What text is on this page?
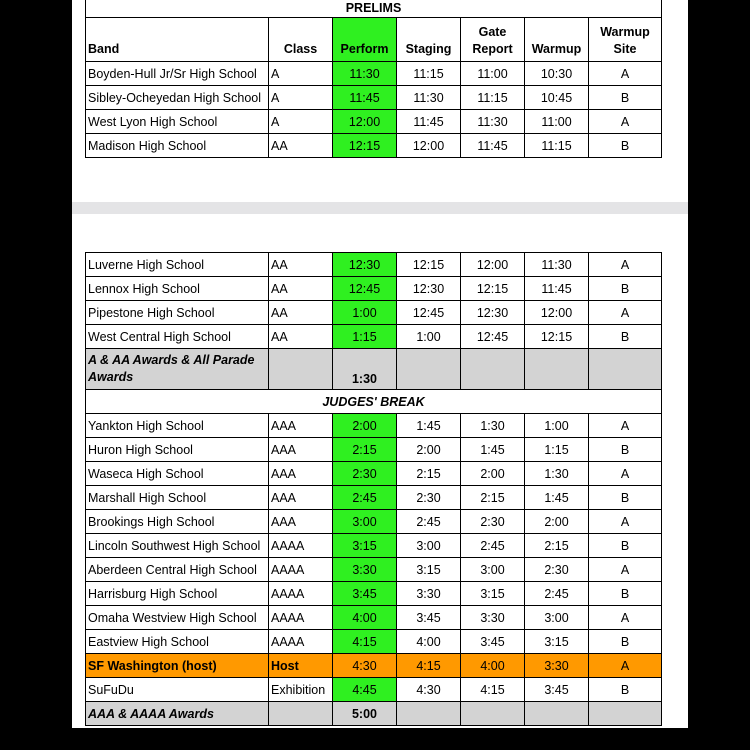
PRELIMS						
Band	Class	Perform	Staging	Gate Report	Warmup	Warmup Site
Boyden-Hull Jr/Sr High School	A	11:30	11:15	11:00	10:30	A
Sibley-Ocheyedan High School	A	11:45	11:30	11:15	10:45	B
West Lyon High School	A	12:00	11:45	11:30	11:00	A
Madison High School	AA	12:15	12:00	11:45	11:15	B
Luverne High School	AA	12:30	12:15	12:00	11:30	A
Lennox High School	AA	12:45	12:30	12:15	11:45	B
Pipestone High School	AA	1:00	12:45	12:30	12:00	A
West Central High School	AA	1:15	1:00	12:45	12:15	B
A & AA Awards & All Parade Awards		1:30				
JUDGES' BREAK						
Yankton High School	AAA	2:00	1:45	1:30	1:00	A
Huron High School	AAA	2:15	2:00	1:45	1:15	B
Waseca High School	AAA	2:30	2:15	2:00	1:30	A
Marshall High School	AAA	2:45	2:30	2:15	1:45	B
Brookings High School	AAA	3:00	2:45	2:30	2:00	A
Lincoln Southwest High School	AAAA	3:15	3:00	2:45	2:15	B
Aberdeen Central High School	AAAA	3:30	3:15	3:00	2:30	A
Harrisburg High School	AAAA	3:45	3:30	3:15	2:45	B
Omaha Westview High School	AAAA	4:00	3:45	3:30	3:00	A
Eastview High School	AAAA	4:15	4:00	3:45	3:15	B
SF Washington (host)	Host	4:30	4:15	4:00	3:30	A
SuFuDu	Exhibition	4:45	4:30	4:15	3:45	B
AAA & AAAA Awards		5:00				
